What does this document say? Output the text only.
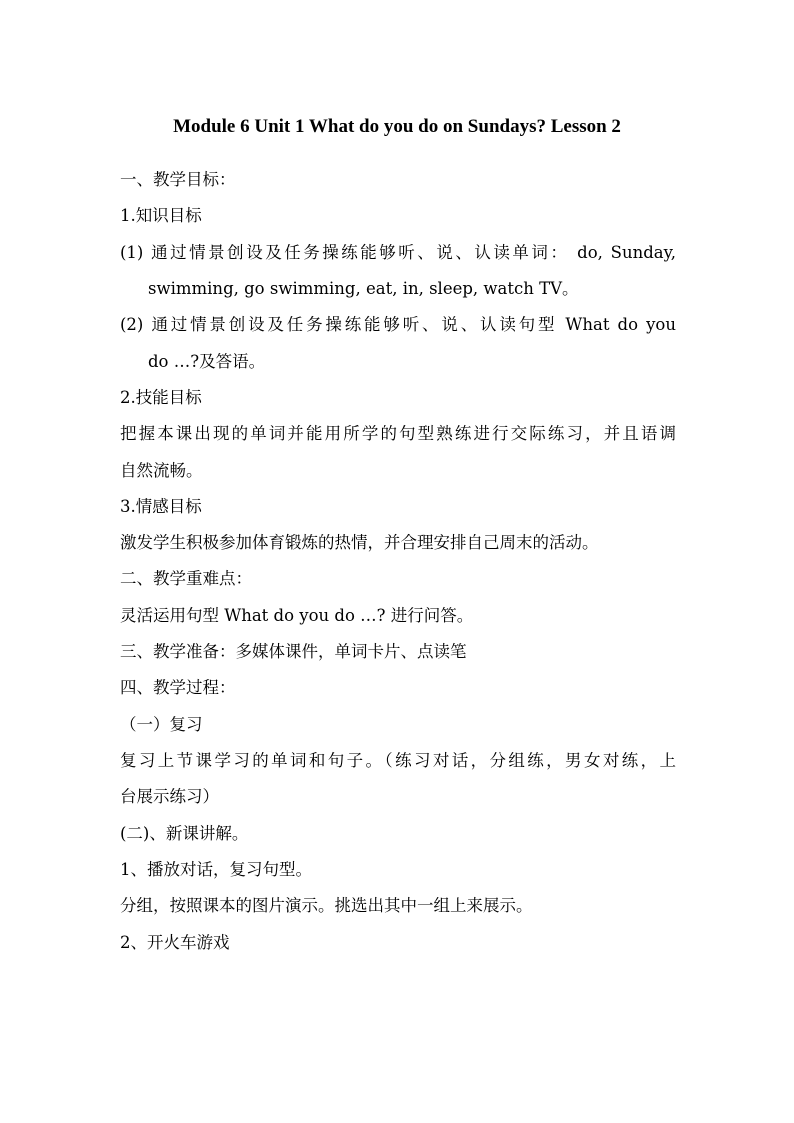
Module 6 Unit 1 What do you do on Sundays? Lesson 2
一、教学目标：
1.知识目标
(1) 通过情景创设及任务操练能够听、说、认读单词： do, Sunday,
swimming, go swimming, eat, in, sleep, watch TV。
(2) 通过情景创设及任务操练能够听、说、认读句型 What do you
do …?及答语。
2.技能目标
把握本课出现的单词并能用所学的句型熟练进行交际练习，并且语调
自然流畅。
3.情感目标
激发学生积极参加体育锻炼的热情，并合理安排自己周末的活动。
二、教学重难点：
灵活运用句型 What do you do …? 进行问答。
三、教学准备：多媒体课件，单词卡片、点读笔
四、教学过程：
（一）复习
复习上节课学习的单词和句子。（练习对话，分组练，男女对练，上
台展示练习）
(二)、新课讲解。
1、播放对话，复习句型。
分组，按照课本的图片演示。挑选出其中一组上来展示。
2、开火车游戏
